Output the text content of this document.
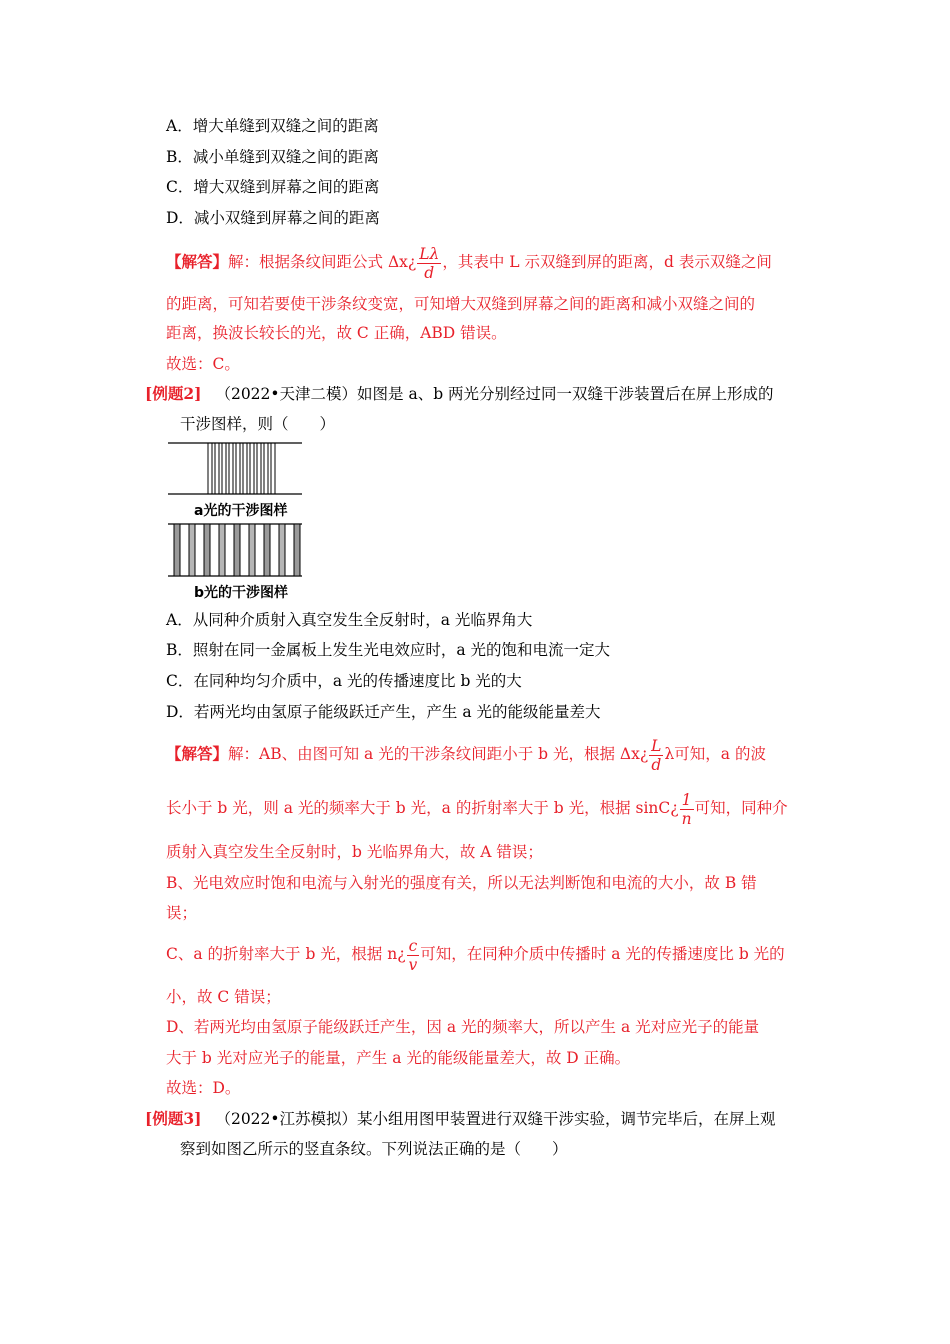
A．增大单缝到双缝之间的距离
B．减小单缝到双缝之间的距离
C．增大双缝到屏幕之间的距离
D．减小双缝到屏幕之间的距离
【解答】解：根据条纹间距公式 Δx¿ $\frac{L\lambda}{d}$ ，其表中 L 示双缝到屏的距离，d 表示双缝之间
的距离，可知若要使干涉条纹变宽，可知增大双缝到屏幕之间的距离和减小双缝之间的
距离，换波长较长的光，故 C 正确，ABD 错误。
故选：C。
[例题2] （2022•天津二模）如图是 a、b 两光分别经过同一双缝干涉装置后在屏上形成的
干涉图样，则（　　）
a光的干涉图样
b光的干涉图样
A．从同种介质射入真空发生全反射时，a 光临界角大
B．照射在同一金属板上发生光电效应时，a 光的饱和电流一定大
C．在同种均匀介质中，a 光的传播速度比 b 光的大
D．若两光均由氢原子能级跃迁产生，产生 a 光的能级能量差大
【解答】解：AB、由图可知 a 光的干涉条纹间距小于 b 光，根据 Δx¿ $\frac{L}{d}$ λ可知，a 的波
长小于 b 光，则 a 光的频率大于 b 光，a 的折射率大于 b 光，根据 sinC¿ $\frac{1}{n}$ 可知，同种介
质射入真空发生全反射时，b 光临界角大，故 A 错误；
B、光电效应时饱和电流与入射光的强度有关，所以无法判断饱和电流的大小，故 B 错
误；
C、a 的折射率大于 b 光，根据 n¿ $\frac{c}{v}$ 可知，在同种介质中传播时 a 光的传播速度比 b 光的
小，故 C 错误；
D、若两光均由氢原子能级跃迁产生，因 a 光的频率大，所以产生 a 光对应光子的能量
大于 b 光对应光子的能量，产生 a 光的能级能量差大，故 D 正确。
故选：D。
[例题3] （2022•江苏模拟）某小组用图甲装置进行双缝干涉实验，调节完毕后，在屏上观
察到如图乙所示的竖直条纹。下列说法正确的是（　　）
